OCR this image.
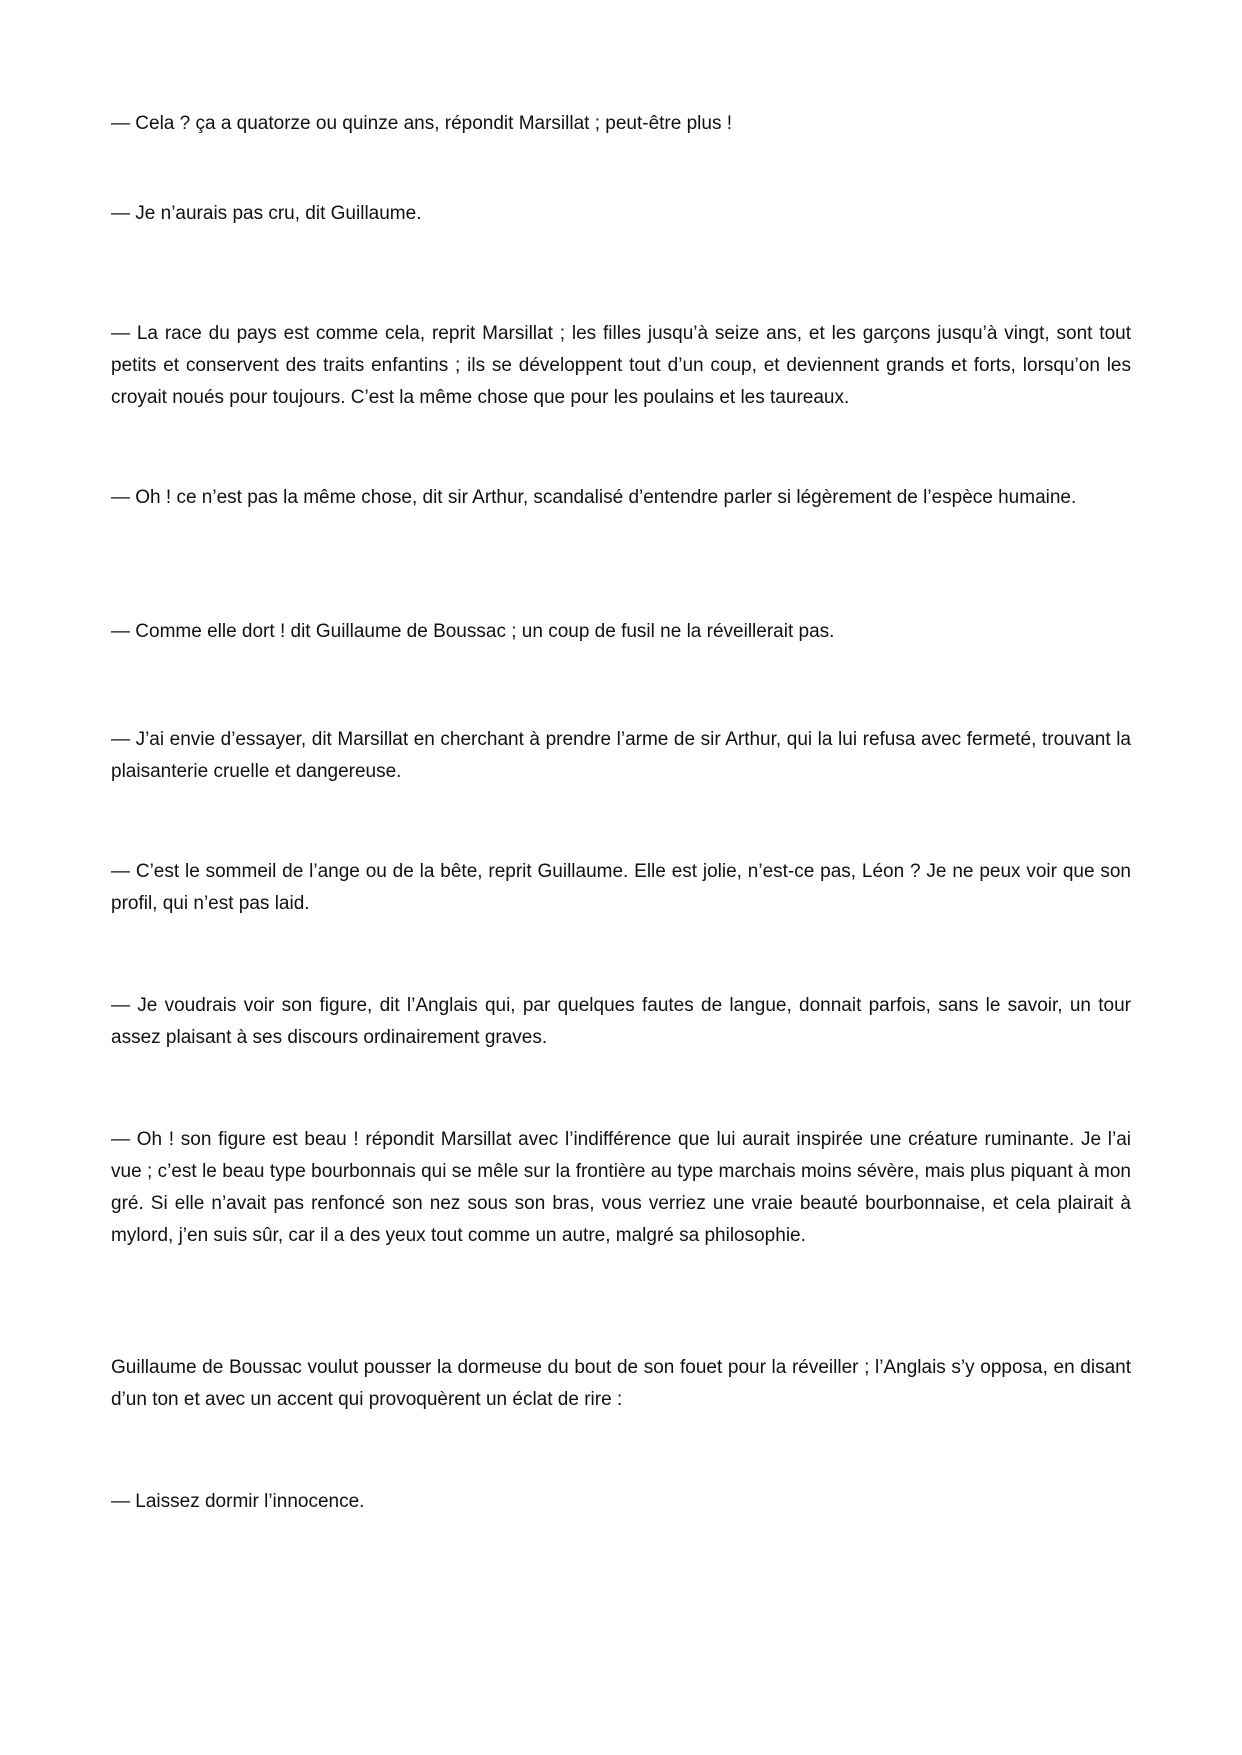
— Cela ? ça a quatorze ou quinze ans, répondit Marsillat ; peut-être plus !

— Je n’aurais pas cru, dit Guillaume.

— La race du pays est comme cela, reprit Marsillat ; les filles jusqu’à seize ans, et les garçons jusqu’à vingt, sont tout petits et conservent des traits enfantins ; ils se développent tout d’un coup, et deviennent grands et forts, lorsqu’on les croyait noués pour toujours. C’est la même chose que pour les poulains et les taureaux.

— Oh ! ce n’est pas la même chose, dit sir Arthur, scandalisé d’entendre parler si légèrement de l’espèce humaine.

— Comme elle dort ! dit Guillaume de Boussac ; un coup de fusil ne la réveillerait pas.

— J’ai envie d’essayer, dit Marsillat en cherchant à prendre l’arme de sir Arthur, qui la lui refusa avec fermeté, trouvant la plaisanterie cruelle et dangereuse.

— C’est le sommeil de l’ange ou de la bête, reprit Guillaume. Elle est jolie, n’est-ce pas, Léon ? Je ne peux voir que son profil, qui n’est pas laid.

— Je voudrais voir son figure, dit l’Anglais qui, par quelques fautes de langue, donnait parfois, sans le savoir, un tour assez plaisant à ses discours ordinairement graves.

— Oh ! son figure est beau ! répondit Marsillat avec l’indifférence que lui aurait inspirée une créature ruminante. Je l’ai vue ; c’est le beau type bourbonnais qui se mêle sur la frontière au type marchais moins sévère, mais plus piquant à mon gré. Si elle n’avait pas renfoncé son nez sous son bras, vous verriez une vraie beauté bourbonnaise, et cela plairait à mylord, j’en suis sûr, car il a des yeux tout comme un autre, malgré sa philosophie.

Guillaume de Boussac voulut pousser la dormeuse du bout de son fouet pour la réveiller ; l’Anglais s’y opposa, en disant d’un ton et avec un accent qui provoquèrent un éclat de rire :

— Laissez dormir l’innocence.
